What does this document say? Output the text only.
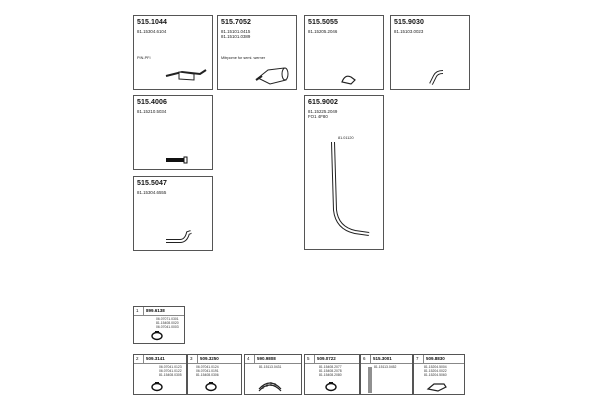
515.1044
81.15304.6104
PIN-PFI
515.7052
81.15101.0415
81.15101.0389
Mitrpome for semi. werner
515.5055
81.15205.2046
515.9030
81.15103.0023
515.4006
81.15210.5034
615.9002
81.15225.2049
FO1 4F80
81.01120
515.5047
81.15304.6555
1 899.6138
06.07071.0301
81.15408.0020
06.07041.0003
2 509.3141
06.07041.0123
06.07041.0122
81.15408.0305
3 509.3250
06.07041.0124
06.07041.0191
81.15408.0306
4 590.9808
81.15113.0431
5 509.0722
81.15408.2077
81.15408.2078
81.15408.2080
6 515.3001
81.15113.0452
7 509.8830
81.15204.5004
81.15204.0022
81.15204.5060
